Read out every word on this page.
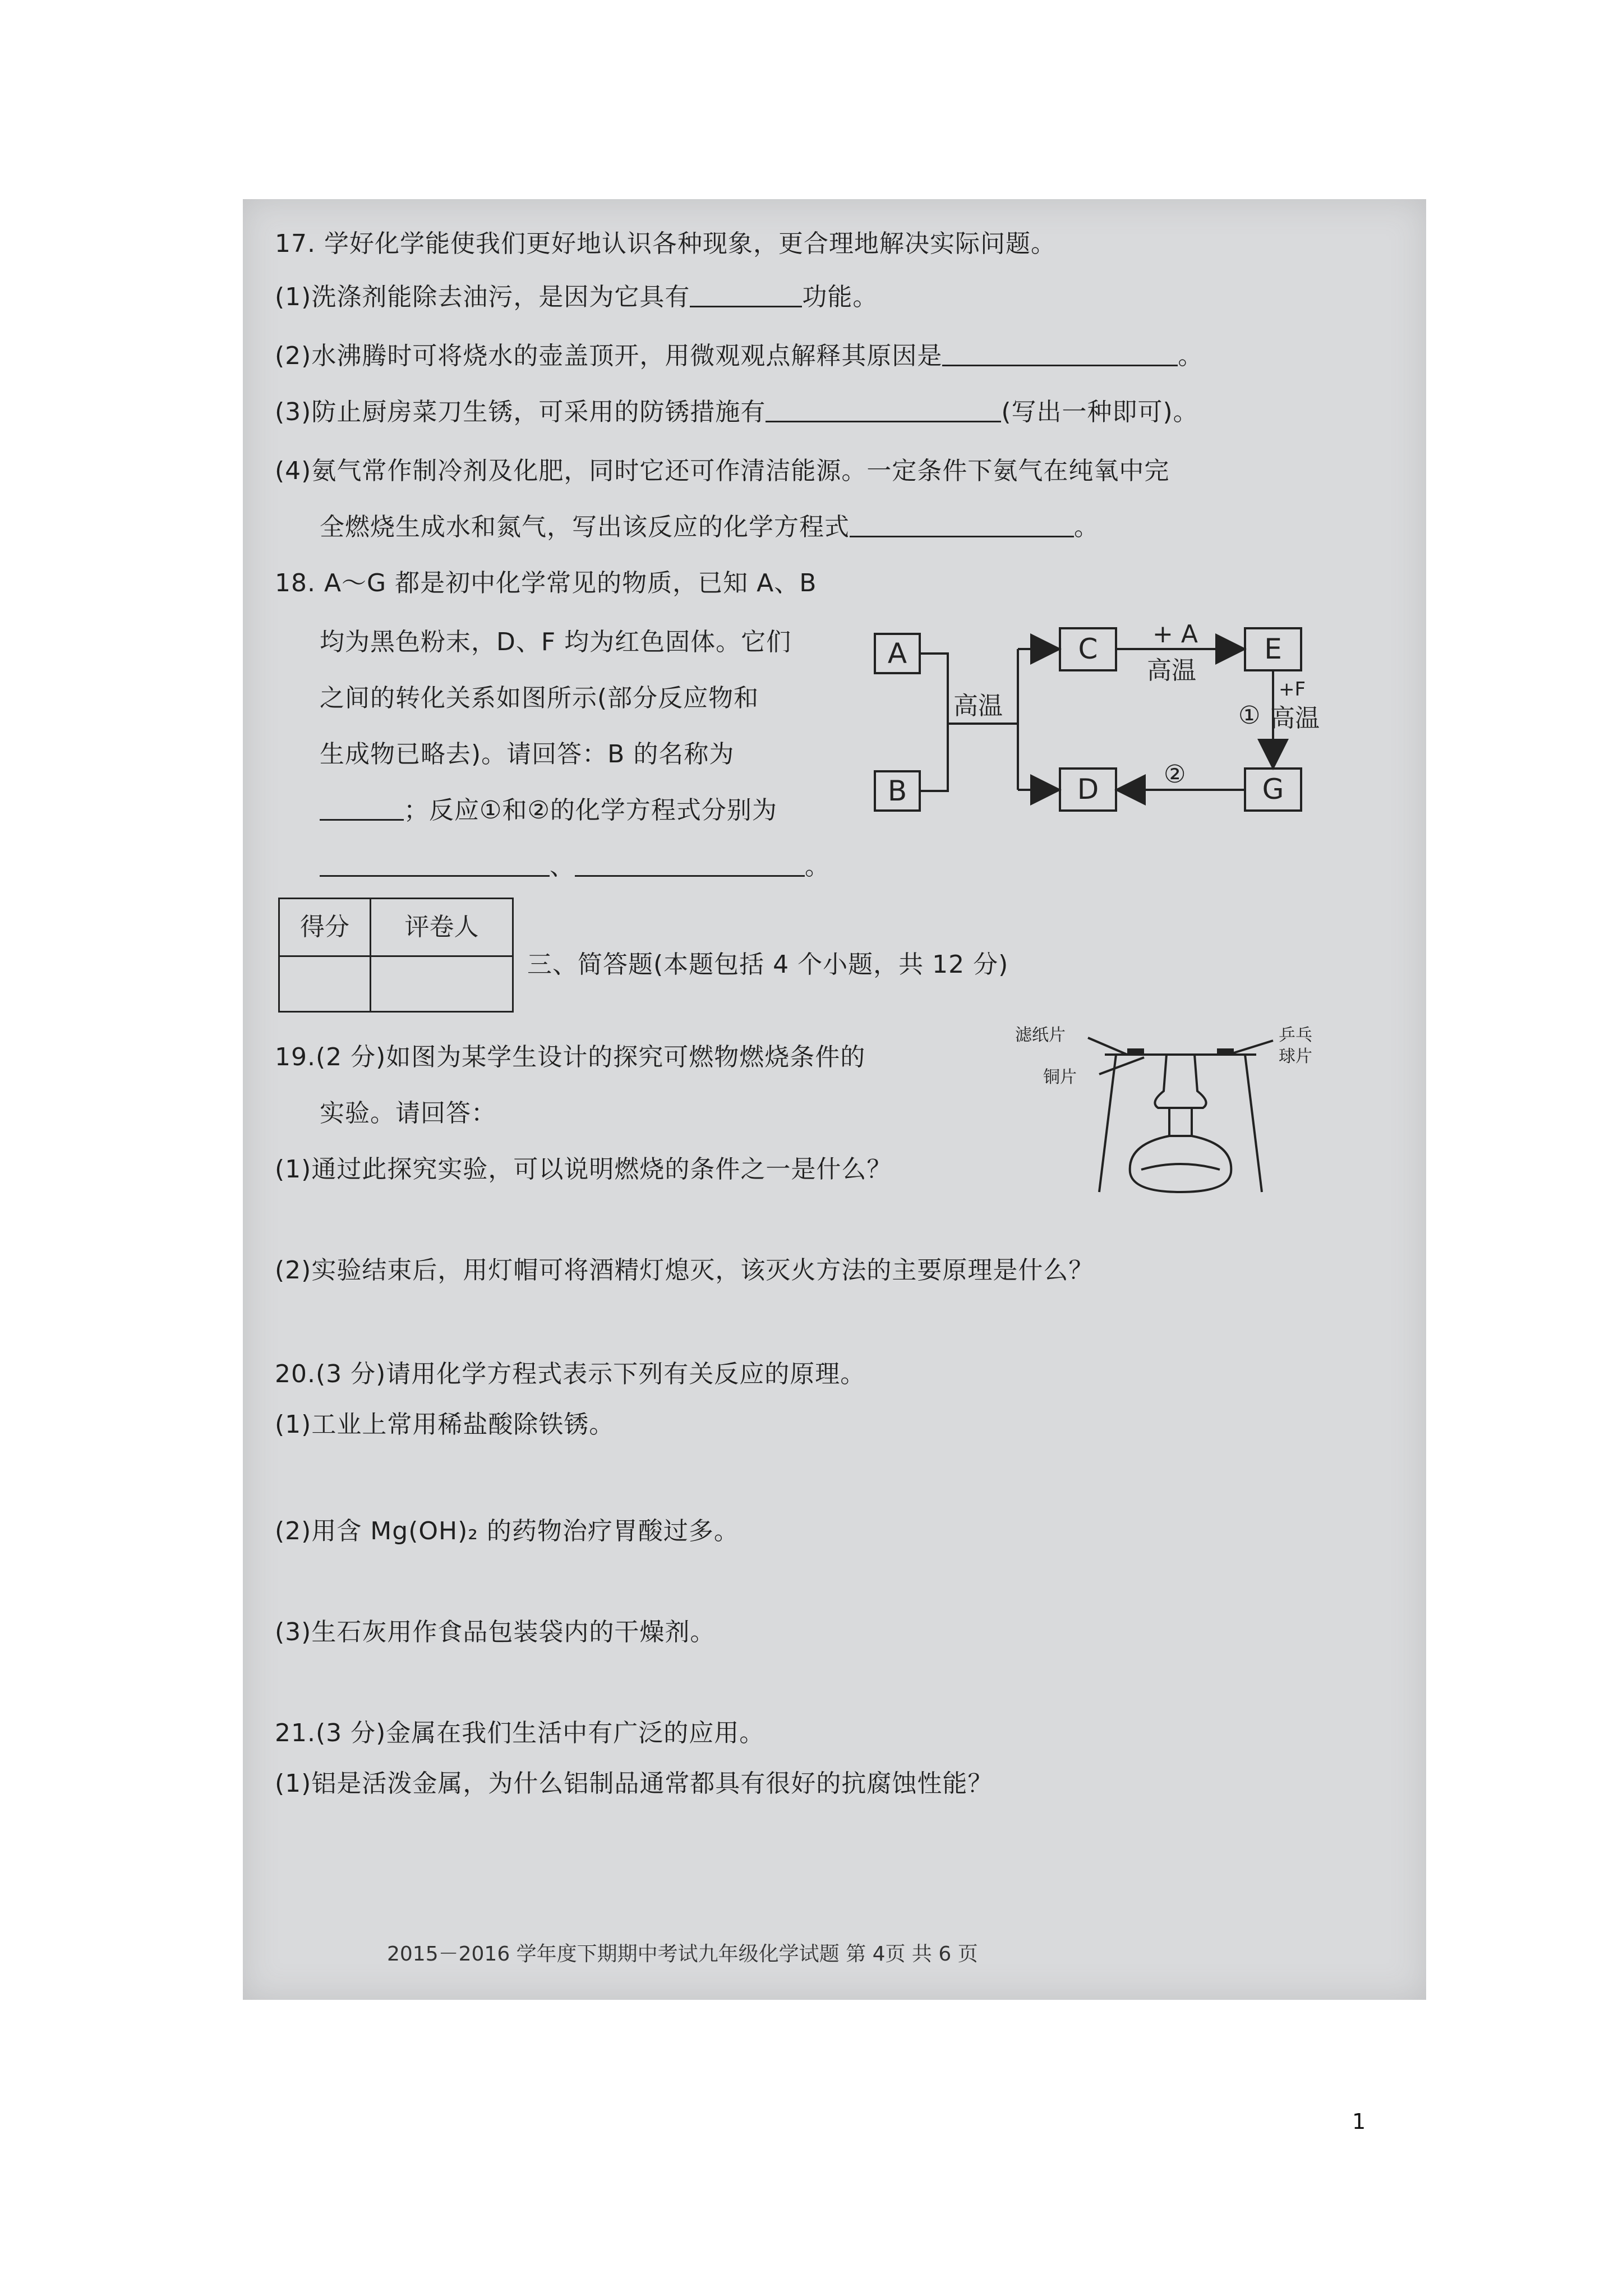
17. 学好化学能使我们更好地认识各种现象，更合理地解决实际问题。
(1)洗涤剂能除去油污，是因为它具有	功能。
(2)水沸腾时可将烧水的壶盖顶开，用微观观点解释其原因是	。
(3)防止厨房菜刀生锈，可采用的防锈措施有	(写出一种即可)。
(4)氨气常作制冷剂及化肥，同时它还可作清洁能源。一定条件下氨气在纯氧中完
全燃烧生成水和氮气，写出该反应的化学方程式	。
18. A～G 都是初中化学常见的物质，已知 A、B
均为黑色粉末，D、F 均为红色固体。它们
之间的转化关系如图所示(部分反应物和
生成物已略去)。请回答：B 的名称为
；反应①和②的化学方程式分别为
、	。
A
B
C
D
E
G
高温
+ A
高温
+F
① 高温
②
得分	评卷人
三、简答题(本题包括 4 个小题，共 12 分)
19.(2 分)如图为某学生设计的探究可燃物燃烧条件的
实验。请回答：
(1)通过此探究实验，可以说明燃烧的条件之一是什么？
(2)实验结束后，用灯帽可将酒精灯熄灭，该灭火方法的主要原理是什么？
滤纸片
铜片
乒乓
球片
20.(3 分)请用化学方程式表示下列有关反应的原理。
(1)工业上常用稀盐酸除铁锈。
(2)用含 Mg(OH)₂ 的药物治疗胃酸过多。
(3)生石灰用作食品包装袋内的干燥剂。
21.(3 分)金属在我们生活中有广泛的应用。
(1)铝是活泼金属，为什么铝制品通常都具有很好的抗腐蚀性能？
2015－2016 学年度下期期中考试九年级化学试题 第 4页 共 6 页
1
